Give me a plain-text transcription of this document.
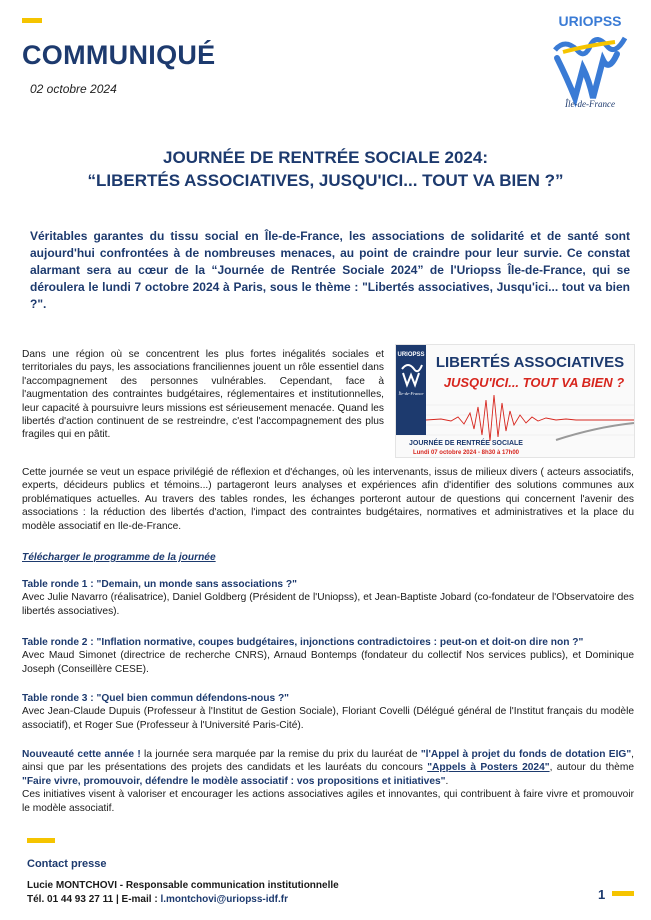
COMMUNIQUÉ
02 octobre 2024
URIOPSS
Île-de-France
JOURNÉE DE RENTRÉE SOCIALE 2024:
“LIBERTÉS ASSOCIATIVES, JUSQU'ICI... TOUT VA BIEN ?”
Véritables garantes du tissu social en Île-de-France, les associations de solidarité et de santé sont aujourd'hui confrontées à de nombreuses menaces, au point de craindre pour leur survie. Ce constat alarmant sera au cœur de la “Journée de Rentrée Sociale 2024” de l'Uriopss Île-de-France, qui se déroulera le lundi 7 octobre 2024 à Paris, sous le thème : "Libertés associatives, Jusqu'ici... tout va bien ?".
Dans une région où se concentrent les plus fortes inégalités sociales et territoriales du pays, les associations franciliennes jouent un rôle essentiel dans l'accompagnement des personnes vulnérables. Cependant, face à l'augmentation des contraintes budgétaires, réglementaires et institutionnelles, leur capacité à poursuivre leurs missions est sérieusement menacée. Quand les libertés d'action continuent de se restreindre, c'est l'accompagnement des plus fragiles qui en pâtit.
URIOPSS
Île-de-France
LIBERTÉS ASSOCIATIVES
JUSQU'ICI... TOUT VA BIEN ?
JOURNÉE DE RENTRÉE SOCIALE
Lundi 07 octobre 2024 - 8h30 à 17h00
Cette journée se veut un espace privilégié de réflexion et d'échanges, où les intervenants, issus de milieux divers ( acteurs associatifs, experts, décideurs publics et témoins...) partageront leurs analyses et expériences afin d'identifier des solutions communes aux problématiques actuelles. Au travers des tables rondes, les échanges porteront autour de questions qui concernent l'avenir des associations : la réduction des libertés d'action, l'impact des contraintes budgétaires, normatives et administratives et la place du modèle associatif en Ile-de-France.
Télécharger le programme de la journée
Table ronde 1 : "Demain, un monde sans associations ?"
Avec Julie Navarro (réalisatrice), Daniel Goldberg (Président de l'Uniopss), et Jean-Baptiste Jobard (co-fondateur de l'Observatoire des libertés associatives).
Table ronde 2 : "Inflation normative, coupes budgétaires, injonctions contradictoires : peut-on et doit-on dire non ?"
Avec Maud Simonet (directrice de recherche CNRS), Arnaud Bontemps (fondateur du collectif Nos services publics), et Dominique Joseph (Conseillère CESE).
Table ronde 3 : "Quel bien commun défendons-nous ?"
Avec Jean-Claude Dupuis (Professeur à l'Institut de Gestion Sociale), Floriant Covelli (Délégué général de l'Institut français du modèle associatif), et Roger Sue (Professeur à l'Université Paris-Cité).
Nouveauté cette année ! la journée sera marquée par la remise du prix du lauréat de "l'Appel à projet du fonds de dotation EIG", ainsi que par les présentations des projets des candidats et les lauréats du concours "Appels à Posters 2024", autour du thème "Faire vivre, promouvoir, défendre le modèle associatif : vos propositions et initiatives".
Ces initiatives visent à valoriser et encourager les actions associatives agiles et innovantes, qui contribuent à faire vivre et promouvoir le modèle associatif.
Contact presse
Lucie MONTCHOVI - Responsable communication institutionnelle
Tél. 01 44 93 27 11 | E-mail : l.montchovi@uriopss-idf.fr	1
